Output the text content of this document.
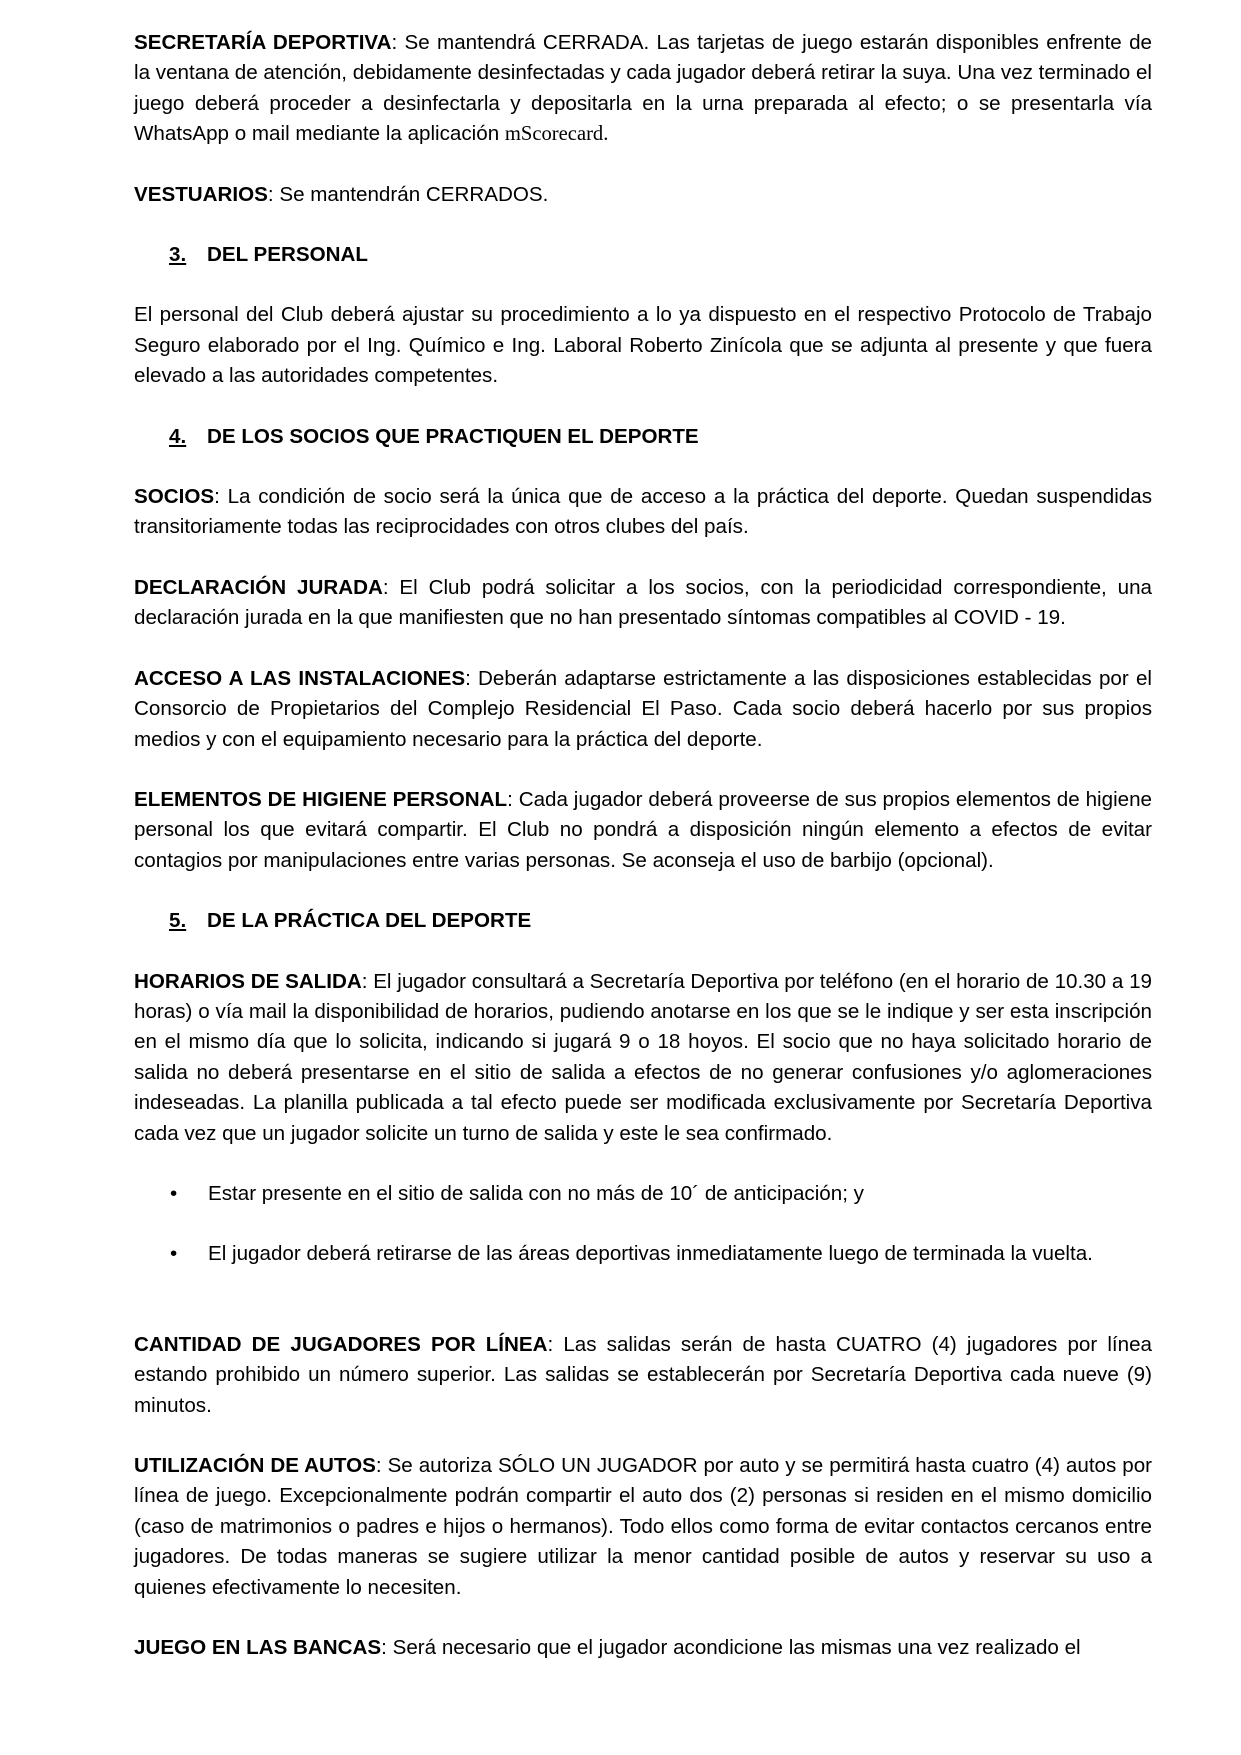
SECRETARÍA DEPORTIVA: Se mantendrá CERRADA. Las tarjetas de juego estarán disponibles enfrente de la ventana de atención, debidamente desinfectadas y cada jugador deberá retirar la suya. Una vez terminado el juego deberá proceder a desinfectarla y depositarla en la urna preparada al efecto; o se presentarla vía WhatsApp o mail mediante la aplicación mScorecard.

VESTUARIOS: Se mantendrán CERRADOS.

3. DEL PERSONAL

El personal del Club deberá ajustar su procedimiento a lo ya dispuesto en el respectivo Protocolo de Trabajo Seguro elaborado por el Ing. Químico e Ing. Laboral Roberto Zinícola que se adjunta al presente y que fuera elevado a las autoridades competentes.

4. DE LOS SOCIOS QUE PRACTIQUEN EL DEPORTE

SOCIOS: La condición de socio será la única que de acceso a la práctica del deporte. Quedan suspendidas transitoriamente todas las reciprocidades con otros clubes del país.

DECLARACIÓN JURADA: El Club podrá solicitar a los socios, con la periodicidad correspondiente, una declaración jurada en la que manifiesten que no han presentado síntomas compatibles al COVID - 19.

ACCESO A LAS INSTALACIONES: Deberán adaptarse estrictamente a las disposiciones establecidas por el Consorcio de Propietarios del Complejo Residencial El Paso. Cada socio deberá hacerlo por sus propios medios y con el equipamiento necesario para la práctica del deporte.

ELEMENTOS DE HIGIENE PERSONAL: Cada jugador deberá proveerse de sus propios elementos de higiene personal los que evitará compartir. El Club no pondrá a disposición ningún elemento a efectos de evitar contagios por manipulaciones entre varias personas. Se aconseja el uso de barbijo (opcional).

5. DE LA PRÁCTICA DEL DEPORTE

HORARIOS DE SALIDA: El jugador consultará a Secretaría Deportiva por teléfono (en el horario de 10.30 a 19 horas) o vía mail la disponibilidad de horarios, pudiendo anotarse en los que se le indique y ser esta inscripción en el mismo día que lo solicita, indicando si jugará 9 o 18 hoyos. El socio que no haya solicitado horario de salida no deberá presentarse en el sitio de salida a efectos de no generar confusiones y/o aglomeraciones indeseadas. La planilla publicada a tal efecto puede ser modificada exclusivamente por Secretaría Deportiva cada vez que un jugador solicite un turno de salida y este le sea confirmado.

• Estar presente en el sitio de salida con no más de 10´ de anticipación; y
• El jugador deberá retirarse de las áreas deportivas inmediatamente luego de terminada la vuelta.

CANTIDAD DE JUGADORES POR LÍNEA: Las salidas serán de hasta CUATRO (4) jugadores por línea estando prohibido un número superior. Las salidas se establecerán por Secretaría Deportiva cada nueve (9) minutos.

UTILIZACIÓN DE AUTOS: Se autoriza SÓLO UN JUGADOR por auto y se permitirá hasta cuatro (4) autos por línea de juego. Excepcionalmente podrán compartir el auto dos (2) personas si residen en el mismo domicilio (caso de matrimonios o padres e hijos o hermanos). Todo ellos como forma de evitar contactos cercanos entre jugadores. De todas maneras se sugiere utilizar la menor cantidad posible de autos y reservar su uso a quienes efectivamente lo necesiten.

JUEGO EN LAS BANCAS: Será necesario que el jugador acondicione las mismas una vez realizado el
